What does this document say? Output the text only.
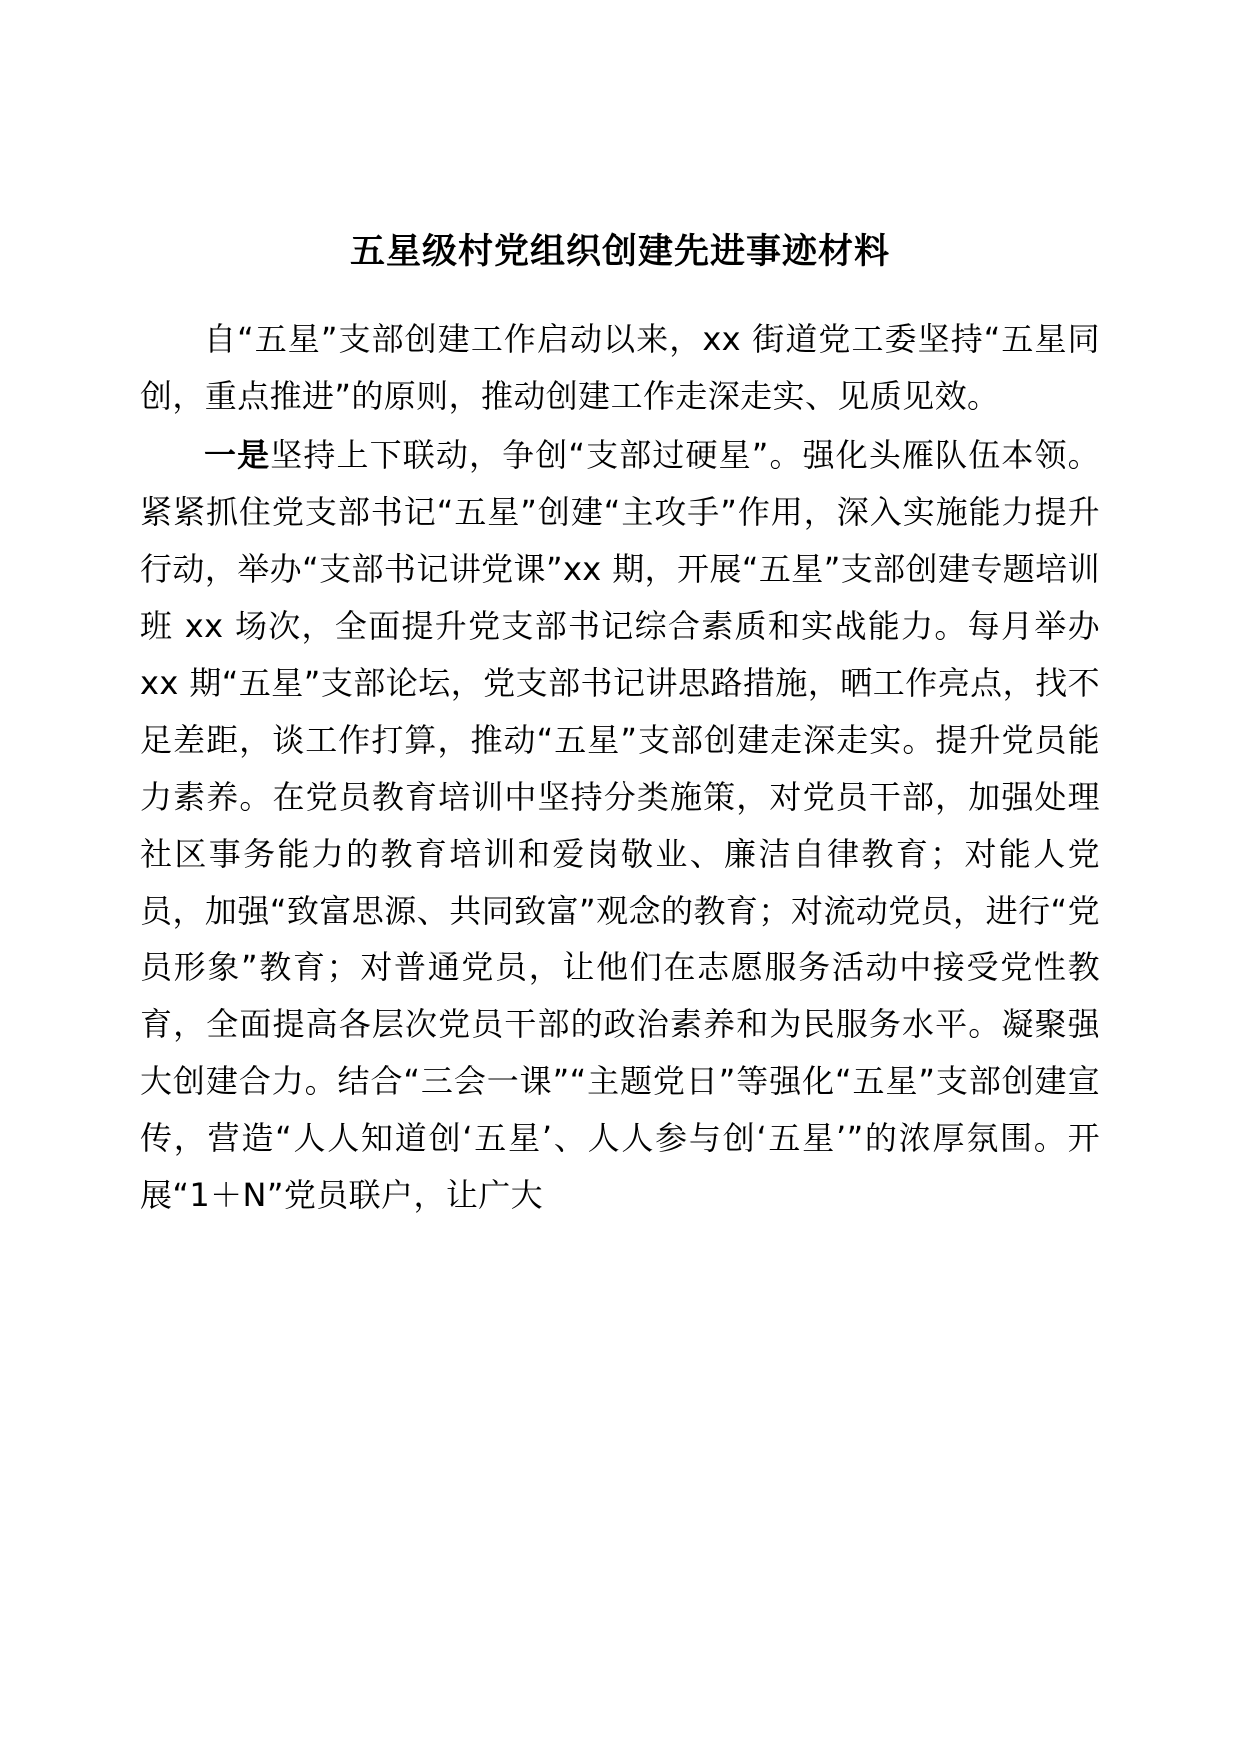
五星级村党组织创建先进事迹材料

自“五星”支部创建工作启动以来，xx 街道党工委坚持“五星同创，重点推进”的原则，推动创建工作走深走实、见质见效。

一是坚持上下联动，争创“支部过硬星”。强化头雁队伍本领。紧紧抓住党支部书记“五星”创建“主攻手”作用，深入实施能力提升行动，举办“支部书记讲党课”xx 期，开展“五星”支部创建专题培训班 xx 场次，全面提升党支部书记综合素质和实战能力。每月举办 xx 期“五星”支部论坛，党支部书记讲思路措施，晒工作亮点，找不足差距，谈工作打算，推动“五星”支部创建走深走实。提升党员能力素养。在党员教育培训中坚持分类施策，对党员干部，加强处理社区事务能力的教育培训和爱岗敬业、廉洁自律教育；对能人党员，加强“致富思源、共同致富”观念的教育；对流动党员，进行“党员形象”教育；对普通党员，让他们在志愿服务活动中接受党性教育，全面提高各层次党员干部的政治素养和为民服务水平。凝聚强大创建合力。结合“三会一课”“主题党日”等强化“五星”支部创建宣传，营造“人人知道创‘五星’、人人参与创‘五星’”的浓厚氛围。开展“1＋N”党员联户，让广大
